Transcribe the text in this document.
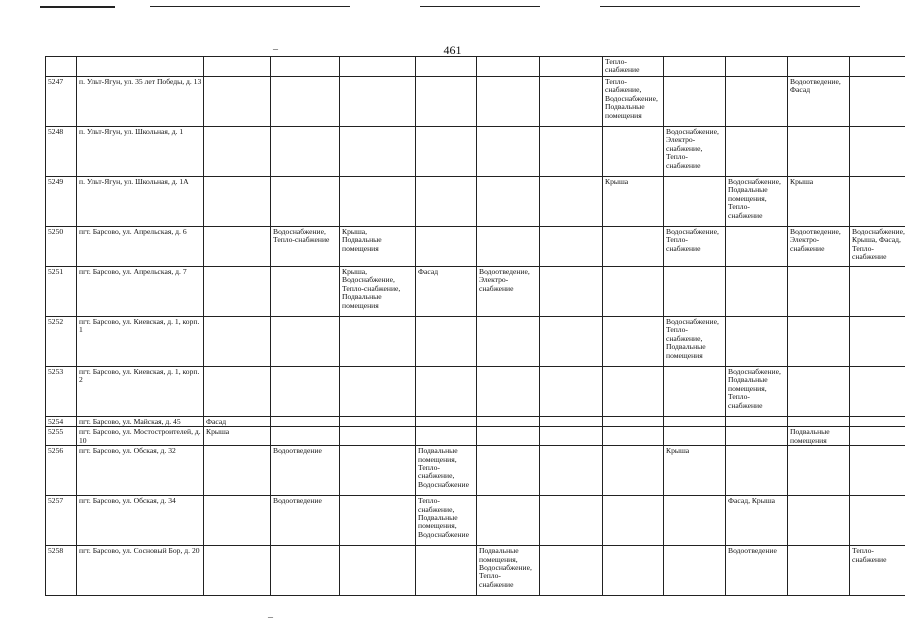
461

								Тепло-
снабжение				

5247	п. Ульт-Ягун, ул. 35 лет Победы, д. 13							Тепло-
снабжение,
Водоснабжение,
Подвальные
помещения			Водоотведение,
Фасад	

5248	п. Ульт-Ягун, ул. Школьная, д. 1								Водоснабжение,
Электро-
снабжение,
Тепло-
снабжение			

5249	п. Ульт-Ягун, ул. Школьная, д. 1А							Крыша		Водоснабжение,
Подвальные
помещения,
Тепло-
снабжение	Крыша	

5250	пгт. Барсово, ул. Апрельская, д. 6		Водоснабжение,
Тепло-снабжение	Крыша,
Подвальные
помещения					Водоснабжение,
Тепло-
снабжение		Водоотведение,
Электро-
снабжение	Водоснабжение,
Крыша, Фасад,
Тепло-
снабжение

5251	пгт. Барсово, ул. Апрельская, д. 7			Крыша,
Водоснабжение,
Тепло-снабжение,
Подвальные
помещения	Фасад	Водоотведение,
Электро-
снабжение						

5252	пгт. Барсово, ул. Киевская, д. 1, корп. 1								Водоснабжение,
Тепло-
снабжение,
Подвальные
помещения			

5253	пгт. Барсово, ул. Киевская, д. 1, корп. 2									Водоснабжение,
Подвальные
помещения,
Тепло-
снабжение		

5254	пгт. Барсово, ул. Майская, д. 45	Фасад										

5255	пгт. Барсово, ул. Мостостроителей, д. 10	Крыша									Подвальные
помещения	

5256	пгт. Барсово, ул. Обская, д. 32		Водоотведение		Подвальные
помещения,
Тепло-
снабжение,
Водоснабжение				Крыша			

5257	пгт. Барсово, ул. Обская, д. 34		Водоотведение		Тепло-
снабжение,
Подвальные
помещения,
Водоснабжение					Фасад, Крыша		

5258	пгт. Барсово, ул. Сосновый Бор, д. 20					Подвальные
помещения,
Водоснабжение,
Тепло-
снабжение				Водоотведение		Тепло-
снабжение
–
–
